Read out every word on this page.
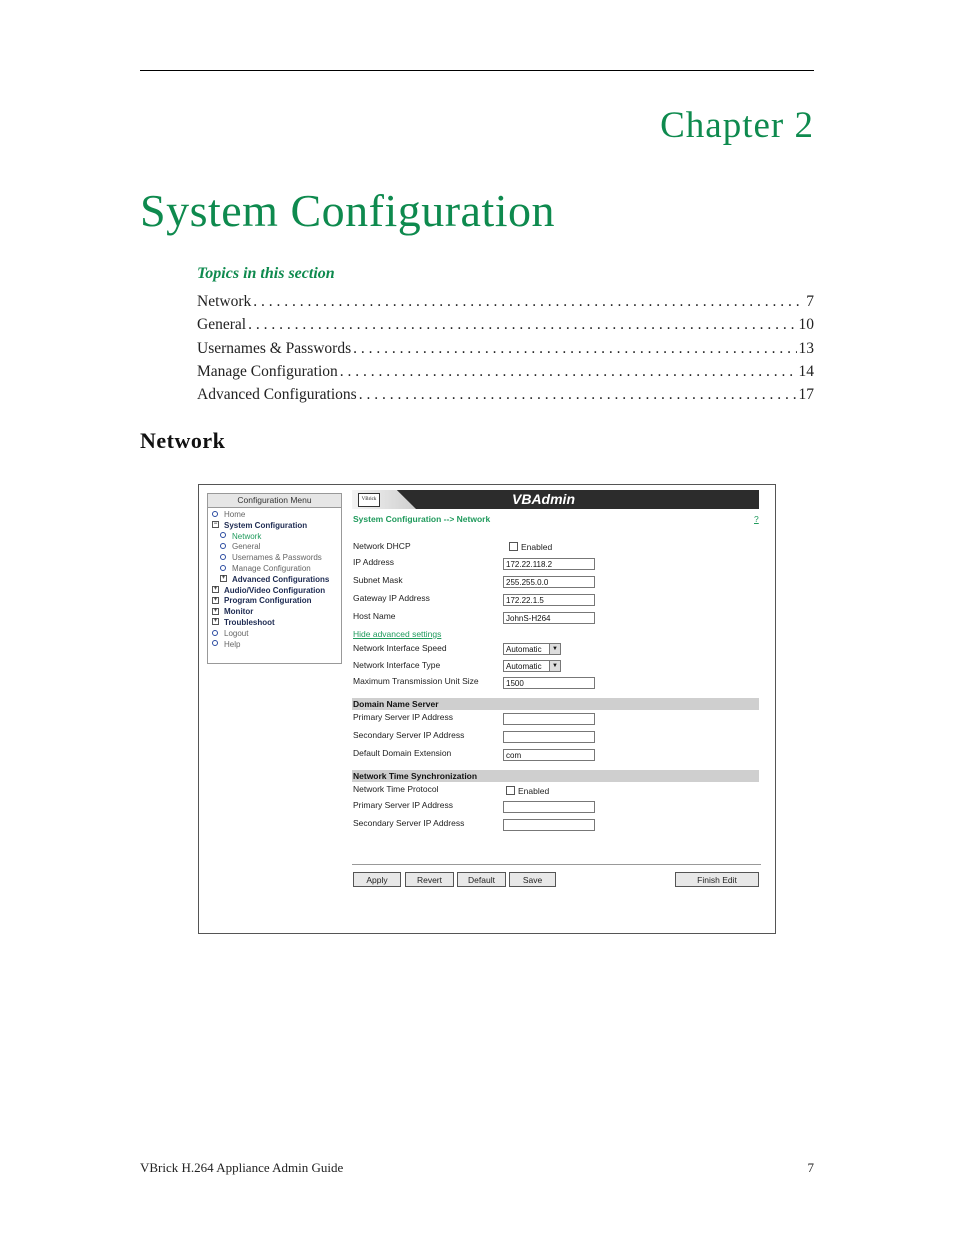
Chapter 2
System Configuration
Topics in this section
Network . . .	7
General . . .	10
Usernames & Passwords . . .	13
Manage Configuration . . .	14
Advanced Configurations . . .	17
Network
Configuration Menu
Home
− System Configuration
Network
General
Usernames & Passwords
Manage Configuration
+ Advanced Configurations
+ Audio/Video Configuration
+ Program Configuration
+ Monitor
+ Troubleshoot
Logout
Help
VBrick	VBAdmin
System Configuration --> Network	?
Network DHCP	Enabled
IP Address	172.22.118.2
Subnet Mask	255.255.0.0
Gateway IP Address	172.22.1.5
Host Name	JohnS-H264
Hide advanced settings
Network Interface Speed	Automatic	▼
Network Interface Type	Automatic	▼
Maximum Transmission Unit Size	1500
Domain Name Server
Primary Server IP Address
Secondary Server IP Address
Default Domain Extension	com
Network Time Synchronization
Network Time Protocol	Enabled
Primary Server IP Address
Secondary Server IP Address
Apply	Revert	Default	Save	Finish Edit
VBrick H.264 Appliance Admin Guide	7
